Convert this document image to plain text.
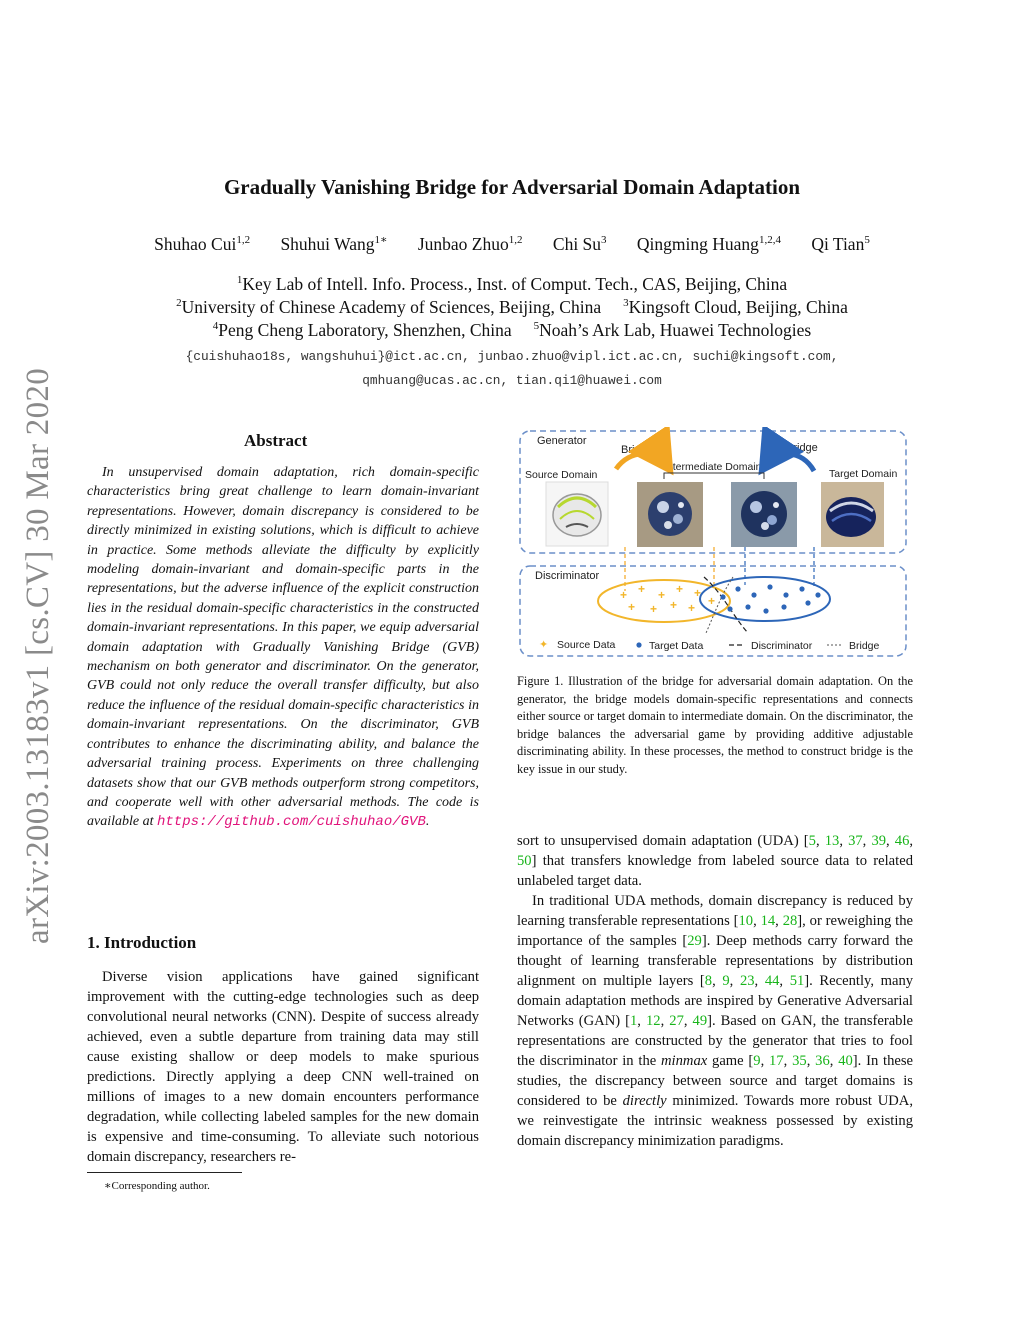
arXiv:2003.13183v1 [cs.CV] 30 Mar 2020
Gradually Vanishing Bridge for Adversarial Domain Adaptation
Shuhao Cui$^{1,2}$ Shuhui Wang$^{1∗}$ Junbao Zhuo$^{1,2}$ Chi Su$^3$ Qingming Huang$^{1,2,4}$ Qi Tian$^5$
$^1$Key Lab of Intell. Info. Process., Inst. of Comput. Tech., CAS, Beijing, China
$^2$University of Chinese Academy of Sciences, Beijing, China $^3$Kingsoft Cloud, Beijing, China
$^4$Peng Cheng Laboratory, Shenzhen, China $^5$Noah’s Ark Lab, Huawei Technologies
{cuishuhao18s, wangshuhui}@ict.ac.cn, junbao.zhuo@vipl.ict.ac.cn, suchi@kingsoft.com,
qmhuang@ucas.ac.cn, tian.qi1@huawei.com
Abstract
In unsupervised domain adaptation, rich domain-specific characteristics bring great challenge to learn domain-invariant representations. However, domain discrepancy is considered to be directly minimized in existing solutions, which is difficult to achieve in practice. Some methods alleviate the difficulty by explicitly modeling domain-invariant and domain-specific parts in the representations, but the adverse influence of the explicit construction lies in the residual domain-specific characteristics in the constructed domain-invariant representations. In this paper, we equip adversarial domain adaptation with Gradually Vanishing Bridge (GVB) mechanism on both generator and discriminator. On the generator, GVB could not only reduce the overall transfer difficulty, but also reduce the influence of the residual domain-specific characteristics in domain-invariant representations. On the discriminator, GVB contributes to enhance the discriminating ability, and balance the adversarial training process. Experiments on three challenging datasets show that our GVB methods outperform strong competitors, and cooperate well with other adversarial methods. The code is available at https://github.com/cuishuhao/GVB.
1. Introduction

Diverse vision applications have gained significant improvement with the cutting-edge technologies such as deep convolutional neural networks (CNN). Despite of success already achieved, even a subtle departure from training data may still cause existing shallow or deep models to make spurious predictions. Directly applying a deep CNN well-trained on millions of images to a new domain encounters performance degradation, while collecting labeled samples for the new domain is expensive and time-consuming. To alleviate such notorious domain discrepancy, researchers re-

∗Corresponding author.
Generator
Bridge	Bridge
Intermediate Domain
Source Domain	Target Domain
Discriminator
+ + + + +
+ + + + +
✦ Source Data	Target Data	Discriminator	Bridge
Figure 1. Illustration of the bridge for adversarial domain adaptation. On the generator, the bridge models domain-specific representations and connects either source or target domain to intermediate domain. On the discriminator, the bridge balances the adversarial game by providing additive adjustable discriminating ability. In these processes, the method to construct bridge is the key issue in our study.

sort to unsupervised domain adaptation (UDA) [5, 13, 37, 39, 46, 50] that transfers knowledge from labeled source data to related unlabeled target data.

In traditional UDA methods, domain discrepancy is reduced by learning transferable representations [10, 14, 28], or reweighing the importance of the samples [29]. Deep methods carry forward the thought of learning transferable representations by distribution alignment on multiple layers [8, 9, 23, 44, 51]. Recently, many domain adaptation methods are inspired by Generative Adversarial Networks (GAN) [1, 12, 27, 49]. Based on GAN, the transferable representations are constructed by the generator that tries to fool the discriminator in the minmax game [9, 17, 35, 36, 40]. In these studies, the discrepancy between source and target domains is considered to be directly minimized. Towards more robust UDA, we reinvestigate the intrinsic weakness possessed by existing domain discrepancy minimization paradigms.
